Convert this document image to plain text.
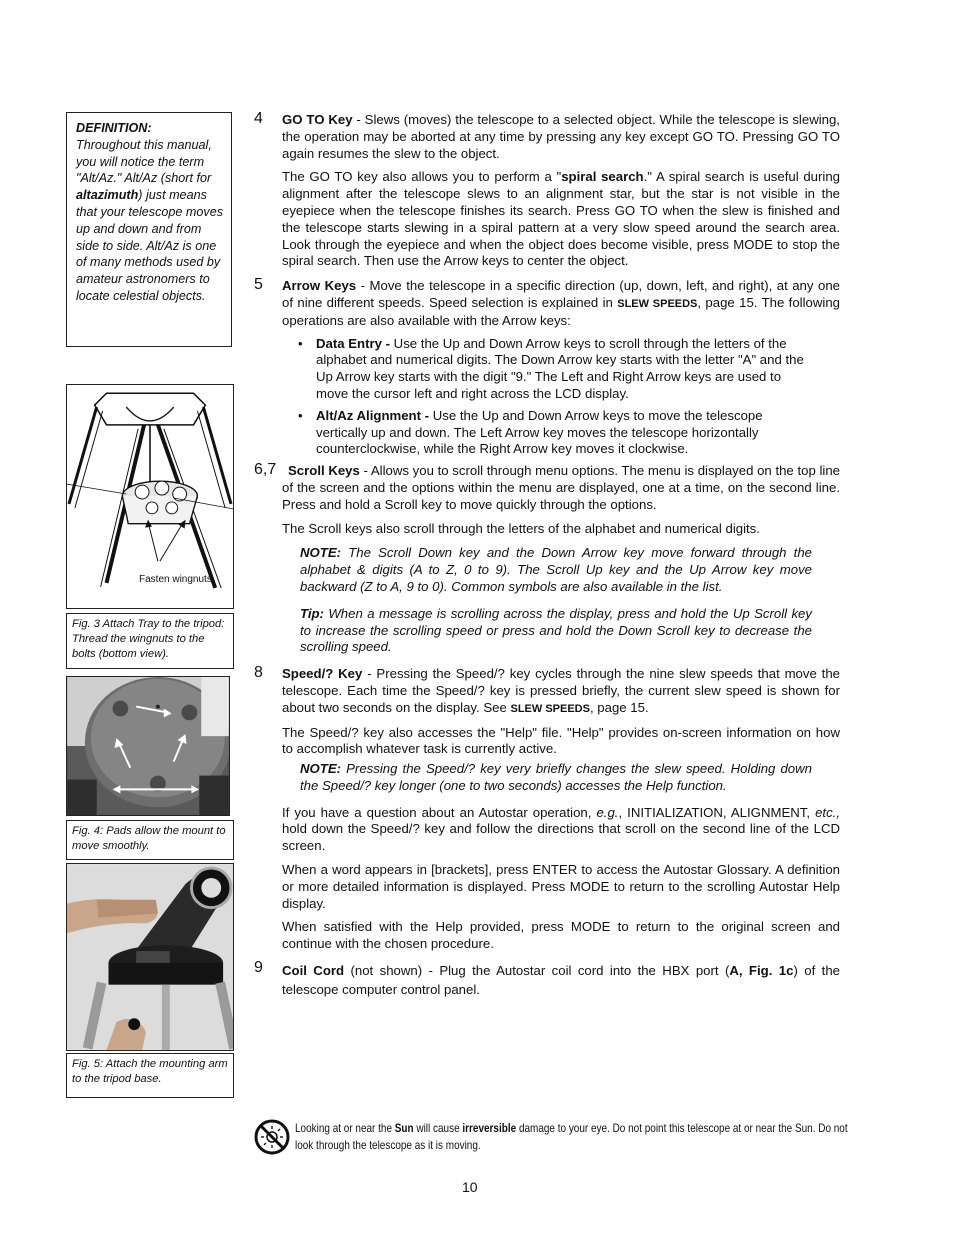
DEFINITION:
Throughout this manual, you will notice the term "Alt/Az." Alt/Az (short for altazimuth) just means that your telescope moves up and down and from side to side. Alt/Az is one of many methods used by amateur astronomers to locate celestial objects.
Fasten wingnuts
Fig. 3 Attach Tray to the tripod: Thread the wingnuts to the bolts (bottom view).
Fig. 4: Pads allow the mount to move smoothly.
Fig. 5: Attach the mounting arm to the tripod base.
4 GO TO Key - Slews (moves) the telescope to a selected object. While the telescope is slewing, the operation may be aborted at any time by pressing any key except GO TO. Pressing GO TO again resumes the slew to the object.

The GO TO key also allows you to perform a "spiral search." A spiral search is useful during alignment after the telescope slews to an alignment star, but the star is not visible in the eyepiece when the telescope finishes its search. Press GO TO when the slew is finished and the telescope starts slewing in a spiral pattern at a very slow speed around the search area. Look through the eyepiece and when the object does become visible, press MODE to stop the spiral search. Then use the Arrow keys to center the object.

5 Arrow Keys - Move the telescope in a specific direction (up, down, left, and right), at any one of nine different speeds. Speed selection is explained in SLEW SPEEDS, page 15. The following operations are also available with the Arrow keys:

• Data Entry - Use the Up and Down Arrow keys to scroll through the letters of the alphabet and numerical digits. The Down Arrow key starts with the letter "A" and the Up Arrow key starts with the digit "9." The Left and Right Arrow keys are used to move the cursor left and right across the LCD display.
• Alt/Az Alignment - Use the Up and Down Arrow keys to move the telescope vertically up and down. The Left Arrow key moves the telescope horizontally counterclockwise, while the Right Arrow key moves it clockwise.
6,7 Scroll Keys - Allows you to scroll through menu options. The menu is displayed on the top line of the screen and the options within the menu are displayed, one at a time, on the second line. Press and hold a Scroll key to move quickly through the options.

The Scroll keys also scroll through the letters of the alphabet and numerical digits.

NOTE: The Scroll Down key and the Down Arrow key move forward through the alphabet & digits (A to Z, 0 to 9). The Scroll Up key and the Up Arrow key move backward (Z to A, 9 to 0). Common symbols are also available in the list.
Tip: When a message is scrolling across the display, press and hold the Up Scroll key to increase the scrolling speed or press and hold the Down Scroll key to decrease the scrolling speed.
8 Speed/? Key - Pressing the Speed/? key cycles through the nine slew speeds that move the telescope. Each time the Speed/? key is pressed briefly, the current slew speed is shown for about two seconds on the display. See SLEW SPEEDS, page 15.

The Speed/? key also accesses the "Help" file. "Help" provides on-screen information on how to accomplish whatever task is currently active.

NOTE: Pressing the Speed/? key very briefly changes the slew speed. Holding down the Speed/? key longer (one to two seconds) accesses the Help function.

If you have a question about an Autostar operation, e.g., INITIALIZATION, ALIGNMENT, etc., hold down the Speed/? key and follow the directions that scroll on the second line of the LCD screen.

When a word appears in [brackets], press ENTER to access the Autostar Glossary. A definition or more detailed information is displayed. Press MODE to return to the scrolling Autostar Help display.

When satisfied with the Help provided, press MODE to return to the original screen and continue with the chosen procedure.

9 Coil Cord (not shown) - Plug the Autostar coil cord into the HBX port (A, Fig. 1c) of the telescope computer control panel.

Looking at or near the Sun will cause irreversible damage to your eye. Do not point this telescope at or near the Sun. Do not look through the telescope as it is moving.
10
